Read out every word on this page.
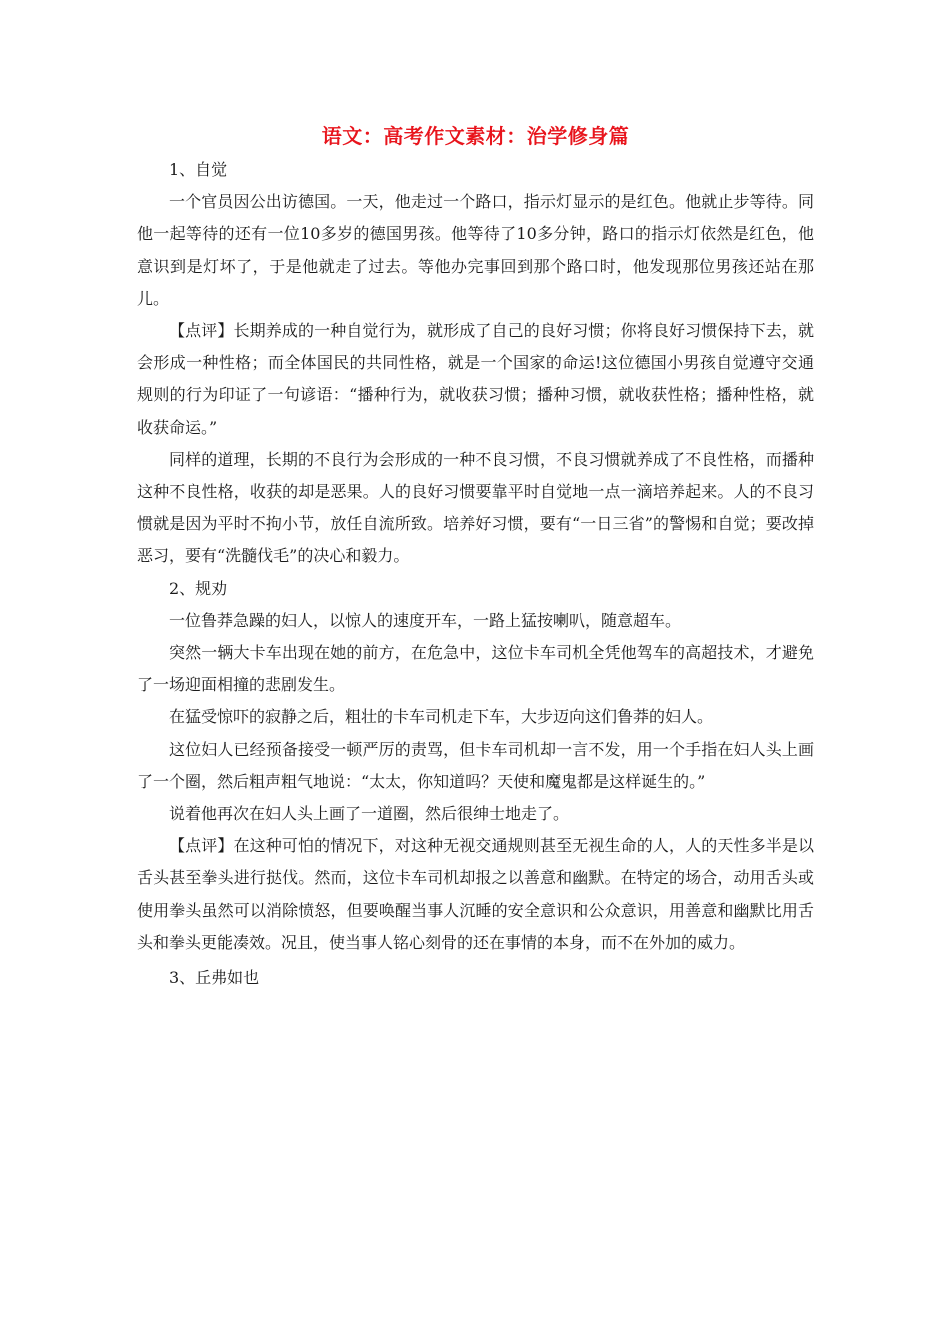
语文：高考作文素材：治学修身篇

1、自觉

一个官员因公出访德国。一天，他走过一个路口，指示灯显示的是红色。他就止步等待。同他一起等待的还有一位10多岁的德国男孩。他等待了10多分钟，路口的指示灯依然是红色，他意识到是灯坏了，于是他就走了过去。等他办完事回到那个路口时，他发现那位男孩还站在那儿。

【点评】长期养成的一种自觉行为，就形成了自己的良好习惯；你将良好习惯保持下去，就会形成一种性格；而全体国民的共同性格，就是一个国家的命运!这位德国小男孩自觉遵守交通规则的行为印证了一句谚语：“播种行为，就收获习惯；播种习惯，就收获性格；播种性格，就收获命运。”

同样的道理，长期的不良行为会形成的一种不良习惯，不良习惯就养成了不良性格，而播种这种不良性格，收获的却是恶果。人的良好习惯要靠平时自觉地一点一滴培养起来。人的不良习惯就是因为平时不拘小节，放任自流所致。培养好习惯，要有“一日三省”的警惕和自觉；要改掉恶习，要有“洗髓伐毛”的决心和毅力。

2、规劝

一位鲁莽急躁的妇人，以惊人的速度开车，一路上猛按喇叭，随意超车。

突然一辆大卡车出现在她的前方，在危急中，这位卡车司机全凭他驾车的高超技术，才避免了一场迎面相撞的悲剧发生。

在猛受惊吓的寂静之后，粗壮的卡车司机走下车，大步迈向这们鲁莽的妇人。

这位妇人已经预备接受一顿严厉的责骂，但卡车司机却一言不发，用一个手指在妇人头上画了一个圈，然后粗声粗气地说：“太太，你知道吗？天使和魔鬼都是这样诞生的。”

说着他再次在妇人头上画了一道圈，然后很绅士地走了。

【点评】在这种可怕的情况下，对这种无视交通规则甚至无视生命的人，人的天性多半是以舌头甚至拳头进行挞伐。然而，这位卡车司机却报之以善意和幽默。在特定的场合，动用舌头或使用拳头虽然可以消除愤怒，但要唤醒当事人沉睡的安全意识和公众意识，用善意和幽默比用舌头和拳头更能凑效。况且，使当事人铭心刻骨的还在事情的本身，而不在外加的威力。

3、丘弗如也
